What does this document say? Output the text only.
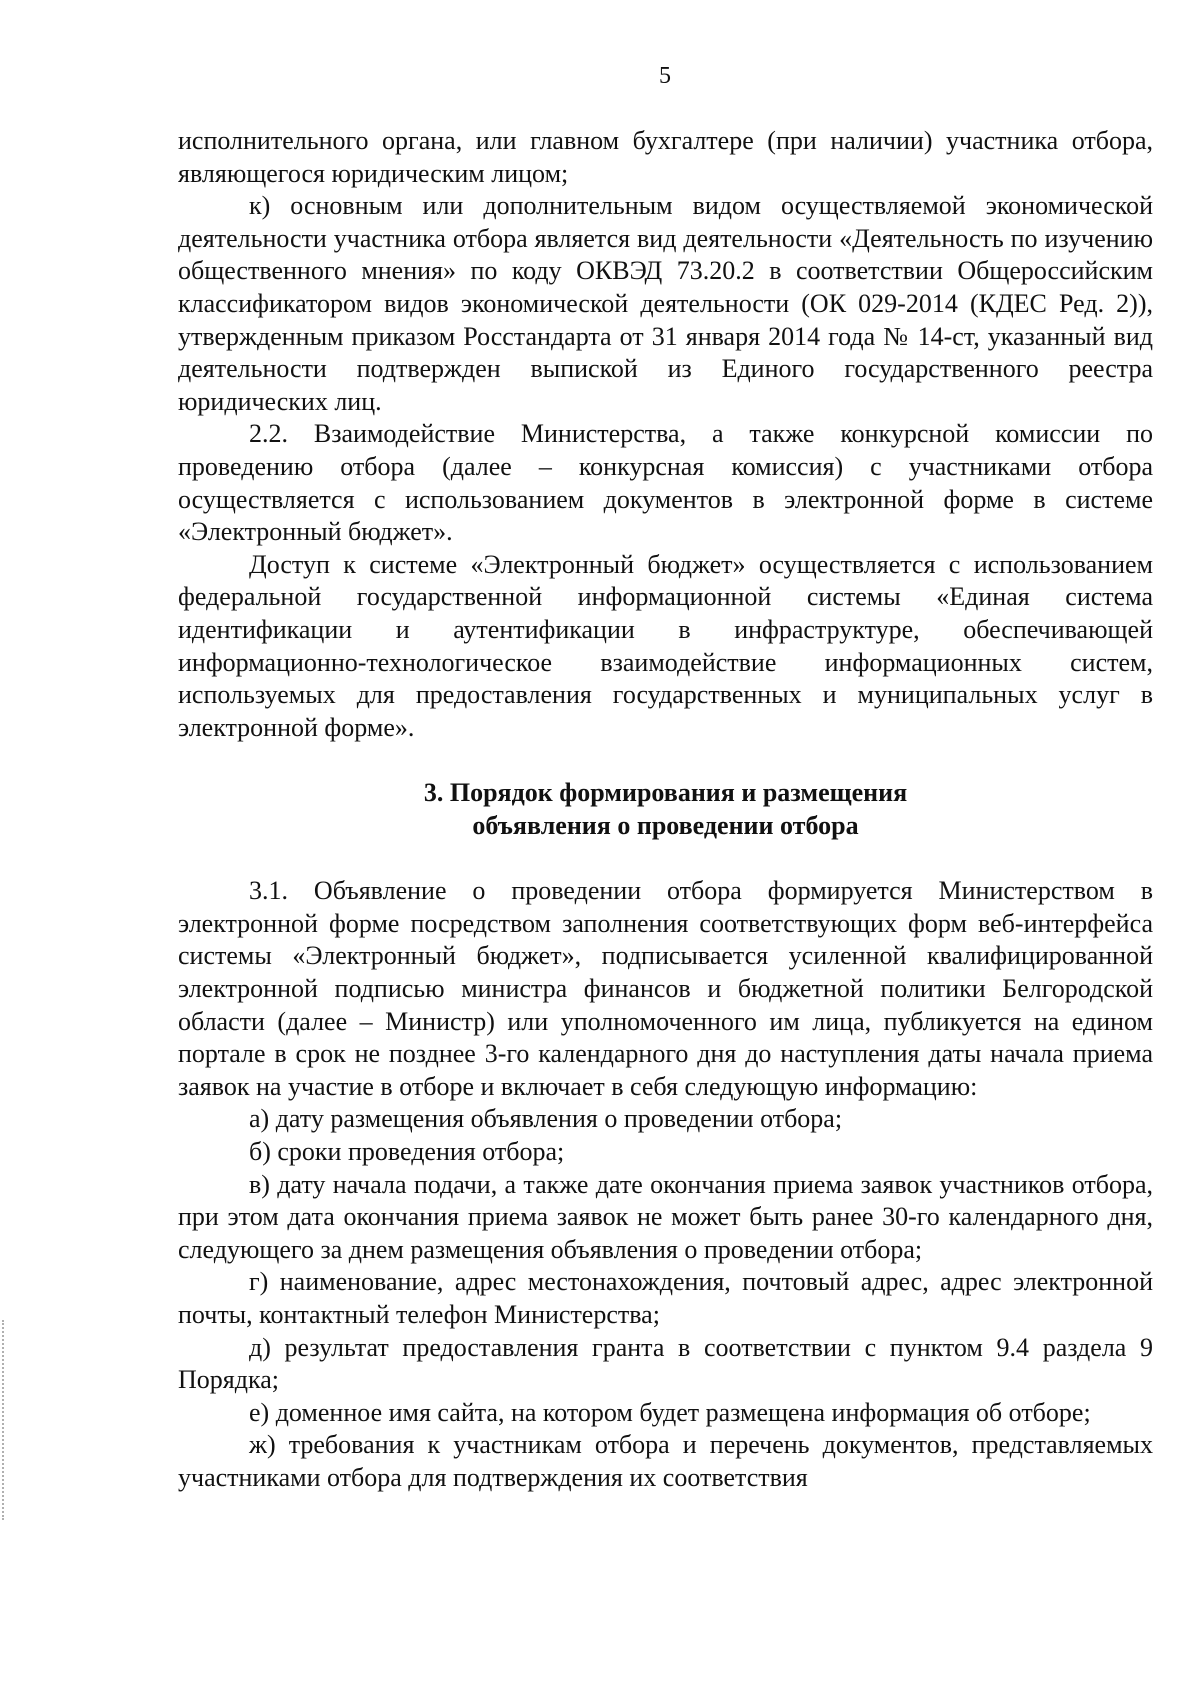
5

исполнительного органа, или главном бухгалтере (при наличии) участника отбора, являющегося юридическим лицом;

к) основным или дополнительным видом осуществляемой экономической деятельности участника отбора является вид деятельности «Деятельность по изучению общественного мнения» по коду ОКВЭД 73.20.2 в соответствии Общероссийским классификатором видов экономической деятельности (ОК 029-2014 (КДЕС Ред. 2)), утвержденным приказом Росстандарта от 31 января 2014 года № 14-ст, указанный вид деятельности подтвержден выпиской из Единого государственного реестра юридических лиц.

2.2. Взаимодействие Министерства, а также конкурсной комиссии по проведению отбора (далее – конкурсная комиссия) с участниками отбора осуществляется с использованием документов в электронной форме в системе «Электронный бюджет».

Доступ к системе «Электронный бюджет» осуществляется с использованием федеральной государственной информационной системы «Единая система идентификации и аутентификации в инфраструктуре, обеспечивающей информационно-технологическое взаимодействие информационных систем, используемых для предоставления государственных и муниципальных услуг в электронной форме».

3. Порядок формирования и размещения
объявления о проведении отбора

3.1. Объявление о проведении отбора формируется Министерством в электронной форме посредством заполнения соответствующих форм веб-интерфейса системы «Электронный бюджет», подписывается усиленной квалифицированной электронной подписью министра финансов и бюджетной политики Белгородской области (далее – Министр) или уполномоченного им лица, публикуется на едином портале в срок не позднее 3-го календарного дня до наступления даты начала приема заявок на участие в отборе и включает в себя следующую информацию:

а) дату размещения объявления о проведении отбора;

б) сроки проведения отбора;

в) дату начала подачи, а также дате окончания приема заявок участников отбора, при этом дата окончания приема заявок не может быть ранее 30-го календарного дня, следующего за днем размещения объявления о проведении отбора;

г) наименование, адрес местонахождения, почтовый адрес, адрес электронной почты, контактный телефон Министерства;

д) результат предоставления гранта в соответствии с пунктом 9.4 раздела 9 Порядка;

е) доменное имя сайта, на котором будет размещена информация об отборе;

ж) требования к участникам отбора и перечень документов, представляемых участниками отбора для подтверждения их соответствия
